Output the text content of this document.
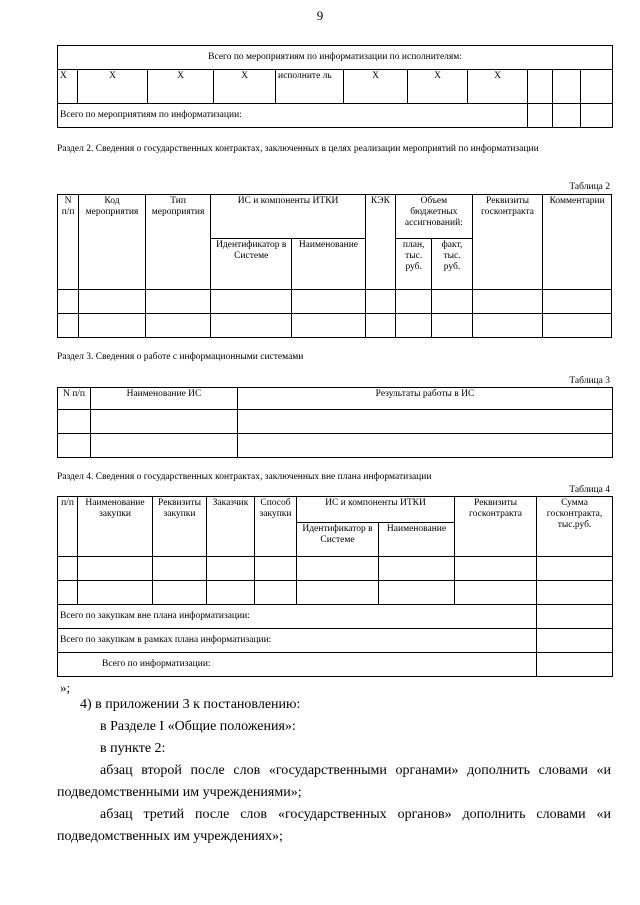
9
Всего по мероприятиям по информатизации по исполнителям:										
X	X	X	X	исполните ль	X	X	X			
Всего по мероприятиям по информатизации:										
Раздел 2. Сведения о государственных контрактах, заключенных в целях реализации мероприятий по информатизации
Таблица 2
N п/п	Код мероприятия	Тип мероприятия	ИС и компоненты ИТКИ		КЭК	Объем бюджетных ассигнований:		Реквизиты госконтракта	Комментарии
			Идентификатор в Системе	Наименование		план, тыс. руб.	факт, тыс. руб.		

Раздел 3. Сведения о работе с информационными системами
Таблица 3
N п/п	Наименование ИС	Результаты работы в ИС

Раздел 4. Сведения о государственных контрактах, заключенных вне плана информатизации
Таблица 4
п/п	Наименование закупки	Реквизиты закупки	Заказчик	Способ закупки	ИС и компоненты ИТКИ		Реквизиты госконтракта	Сумма госконтракта, тыс.руб.
					Идентификатор в Системе	Наименование		

Всего по закупкам вне плана информатизации:								
Всего по закупкам в рамках плана информатизации:								
Всего по информатизации:								
»;
4) в приложении 3 к постановлению:
в Разделе I «Общие положения»:
в пункте 2:
абзац второй после слов «государственными органами» дополнить словами «и подведомственными им учреждениями»;
абзац третий после слов «государственных органов» дополнить словами «и подведомственных им учреждениях»;
